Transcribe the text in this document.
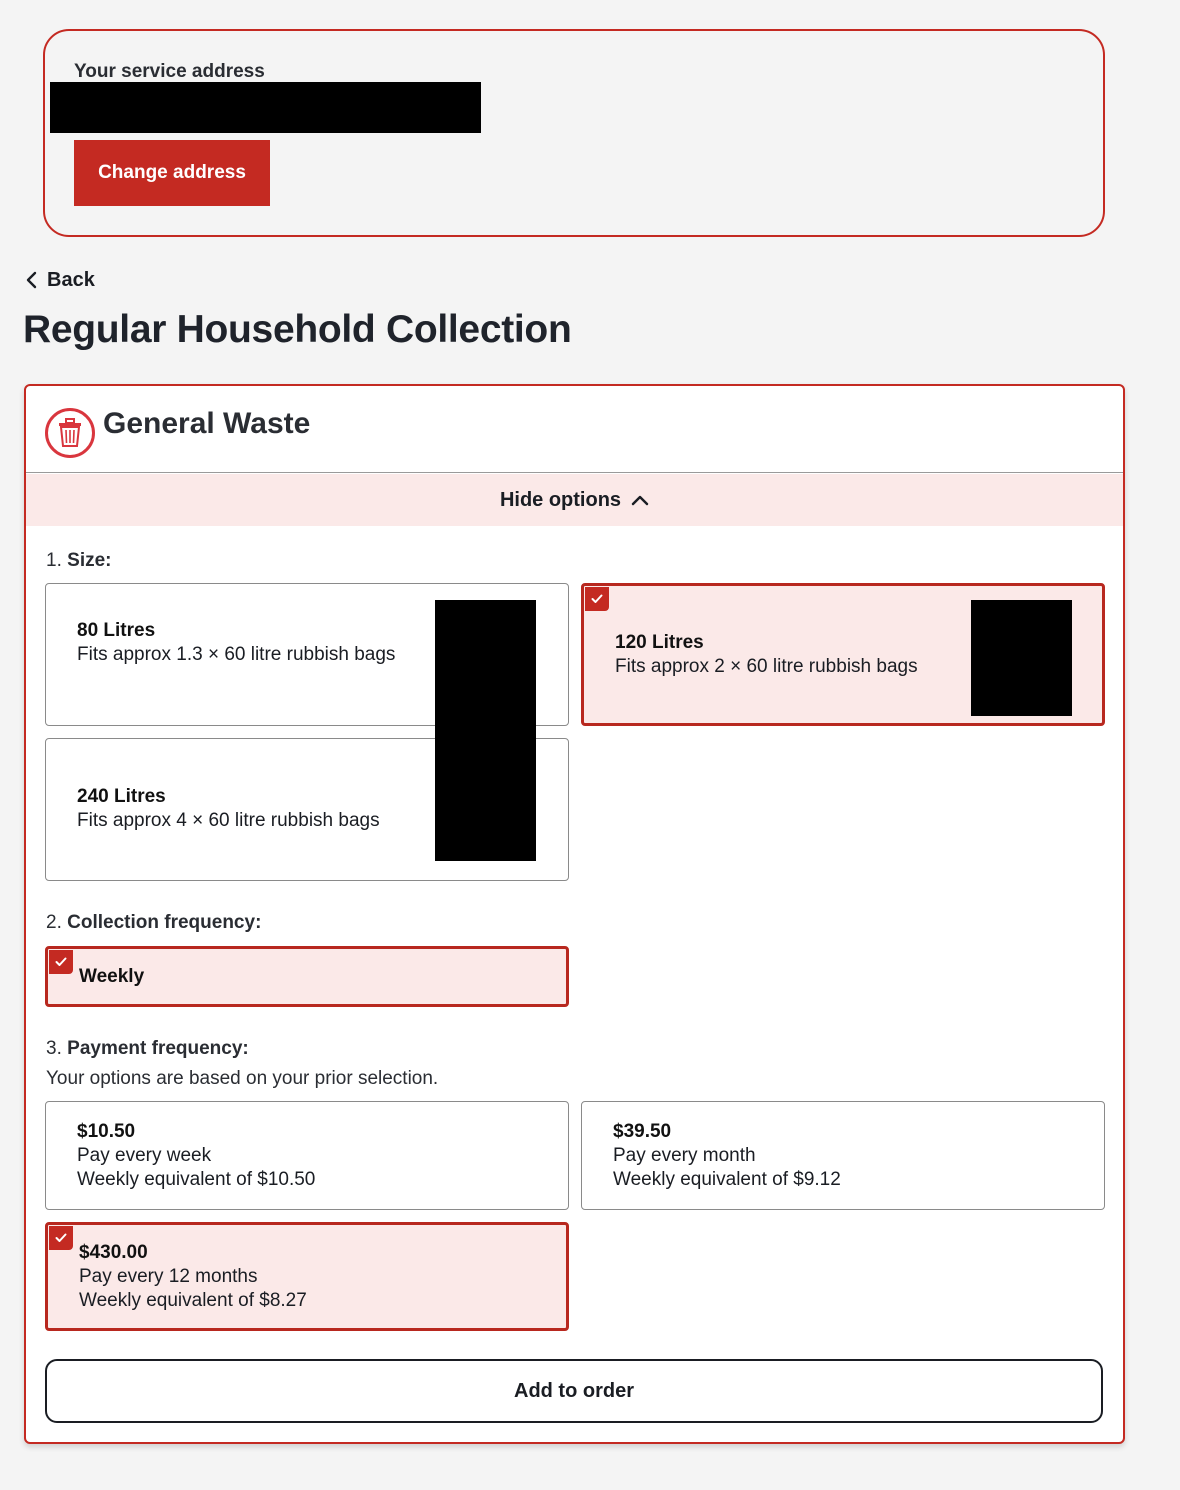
Your service address
Change address
Back
Regular Household Collection
General Waste
Hide options
1. Size:
80 Litres
Fits approx 1.3 × 60 litre rubbish bags
120 Litres
Fits approx 2 × 60 litre rubbish bags
240 Litres
Fits approx 4 × 60 litre rubbish bags
2. Collection frequency:
Weekly
3. Payment frequency:
Your options are based on your prior selection.
$10.50
Pay every week
Weekly equivalent of $10.50
$39.50
Pay every month
Weekly equivalent of $9.12
$430.00
Pay every 12 months
Weekly equivalent of $8.27
Add to order
